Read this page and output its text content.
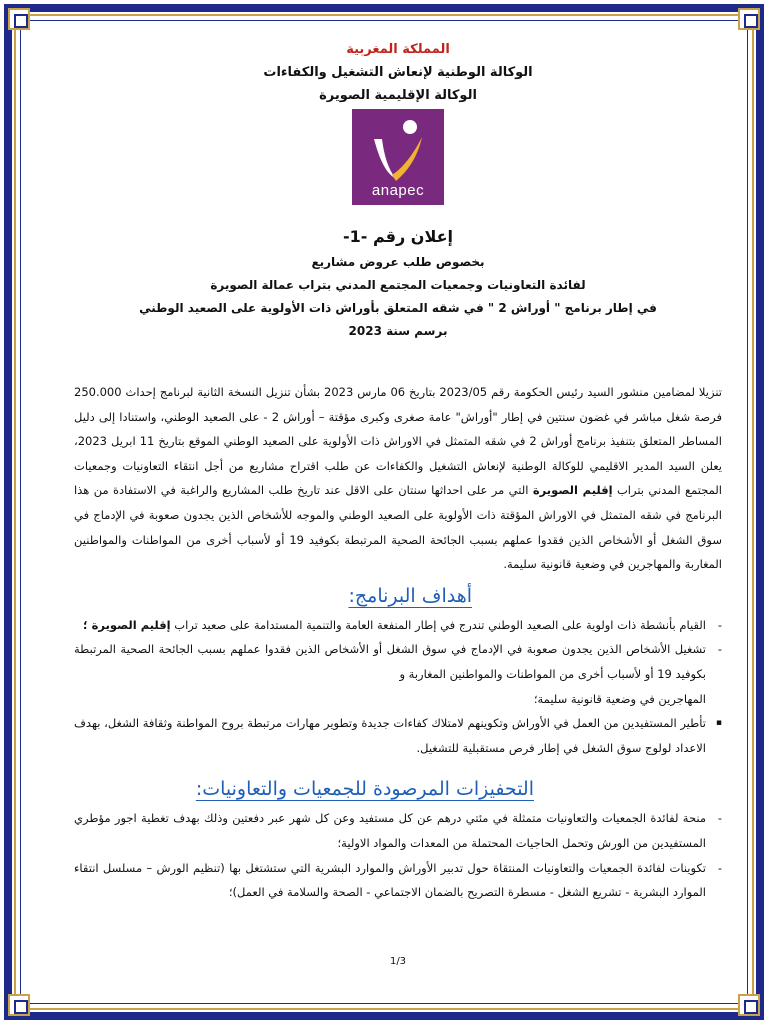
المملكة المغربية
الوكالة الوطنية لإنعاش التشغيل والكفاءات
الوكالة الإقليمية الصويرة
anapec
إعلان رقم -1-
بخصوص طلب عروض مشاريع
لفائدة التعاونيات وجمعيات المجتمع المدني بتراب عمالة الصويرة
في إطار برنامج " أوراش 2 " في شقه المتعلق بأوراش ذات الأولوية على الصعيد الوطني
برسم سنة 2023

تنزيلا لمضامين منشور السيد رئيس الحكومة رقم 2023/05 بتاريخ 06 مارس 2023 بشأن تنزيل النسخة الثانية لبرنامج إحداث 250.000 فرصة شغل مباشر في غضون سنتين في إطار "أوراش" عامة صغرى وكبرى مؤقتة – أوراش 2 - على الصعيد الوطني، واستنادا إلى دليل المساطر المتعلق بتنفيذ برنامج أوراش 2 في شقه المتمثل في الاوراش ذات الأولوية على الصعيد الوطني الموقع بتاريخ 11 ابريل 2023، يعلن السيد المدير الاقليمي للوكالة الوطنية لإنعاش التشغيل والكفاءات عن طلب اقتراح مشاريع من أجل انتقاء التعاونيات وجمعيات المجتمع المدني بتراب إقليم الصويرة التي مر على احداثها سنتان على الاقل عند تاريخ طلب المشاريع والراغبة في الاستفادة من هذا البرنامج في شقه المتمثل في الاوراش المؤقتة ذات الأولوية على الصعيد الوطني والموجه للأشخاص الذين يجدون صعوبة في الإدماج في سوق الشغل أو الأشخاص الذين فقدوا عملهم بسبب الجائحة الصحية المرتبطة بكوفيد 19 أو لأسباب أخرى من المواطنات والمواطنين المغاربة والمهاجرين في وضعية قانونية سليمة.

أهداف البرنامج:
- القيام بأنشطة ذات اولوية على الصعيد الوطني تندرج في إطار المنفعة العامة والتنمية المستدامة على صعيد تراب إقليم الصويرة ؛
- تشغيل الأشخاص الذين يجدون صعوبة في الإدماج في سوق الشغل أو الأشخاص الذين فقدوا عملهم بسبب الجائحة الصحية المرتبطة بكوفيد 19 أو لأسباب أخرى من المواطنات والمواطنين المغاربة و
المهاجرين في وضعية قانونية سليمة؛
▪ تأطير المستفيدين من العمل في الأوراش وتكوينهم لامتلاك كفاءات جديدة وتطوير مهارات مرتبطة بروح المواطنة وثقافة الشغل، بهدف الاعداد لولوج سوق الشغل في إطار فرص مستقبلية للتشغيل.
التحفيزات المرصودة للجمعيات والتعاونيات:
- منحة لفائدة الجمعيات والتعاونيات متمثلة في مئتي درهم عن كل مستفيد وعن كل شهر عبر دفعتين وذلك بهدف تغطية اجور مؤطري المستفيدين من الورش وتحمل الحاجيات المحتملة من المعدات والمواد الاولية؛
- تكوينات لفائدة الجمعيات والتعاونيات المنتقاة حول تدبير الأوراش والموارد البشرية التي ستشتغل بها (تنظيم الورش – مسلسل انتقاء الموارد البشرية - تشريع الشغل - مسطرة التصريح بالضمان الاجتماعي - الصحة والسلامة في العمل)؛
1/3
